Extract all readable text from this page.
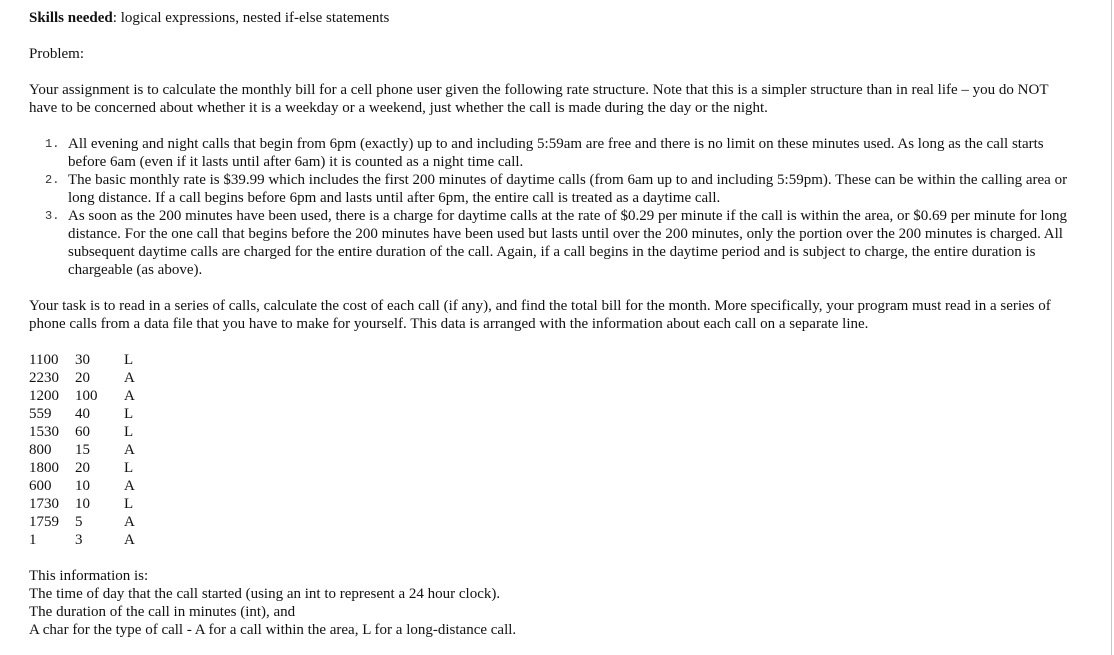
Skills needed: logical expressions, nested if-else statements

Problem:

Your assignment is to calculate the monthly bill for a cell phone user given the following rate structure. Note that this is a simpler structure than in real life – you do NOT have to be concerned about whether it is a weekday or a weekend, just whether the call is made during the day or the night.

1. All evening and night calls that begin from 6pm (exactly) up to and including 5:59am are free and there is no limit on these minutes used. As long as the call starts before 6am (even if it lasts until after 6am) it is counted as a night time call.
2. The basic monthly rate is $39.99 which includes the first 200 minutes of daytime calls (from 6am up to and including 5:59pm). These can be within the calling area or long distance. If a call begins before 6pm and lasts until after 6pm, the entire call is treated as a daytime call.
3. As soon as the 200 minutes have been used, there is a charge for daytime calls at the rate of $0.29 per minute if the call is within the area, or $0.69 per minute for long distance. For the one call that begins before the 200 minutes have been used but lasts until over the 200 minutes, only the portion over the 200 minutes is charged. All subsequent daytime calls are charged for the entire duration of the call. Again, if a call begins in the daytime period and is subject to charge, the entire duration is chargeable (as above).

Your task is to read in a series of calls, calculate the cost of each call (if any), and find the total bill for the month. More specifically, your program must read in a series of phone calls from a data file that you have to make for yourself. This data is arranged with the information about each call on a separate line.

1100	30	L
2230	20	A
1200	100	A
559	40	L
1530	60	L
800	15	A
1800	20	L
600	10	A
1730	10	L
1759	5	A
1	3	A

This information is:

The time of day that the call started (using an int to represent a 24 hour clock).

The duration of the call in minutes (int), and

A char for the type of call - A for a call within the area, L for a long-distance call.
